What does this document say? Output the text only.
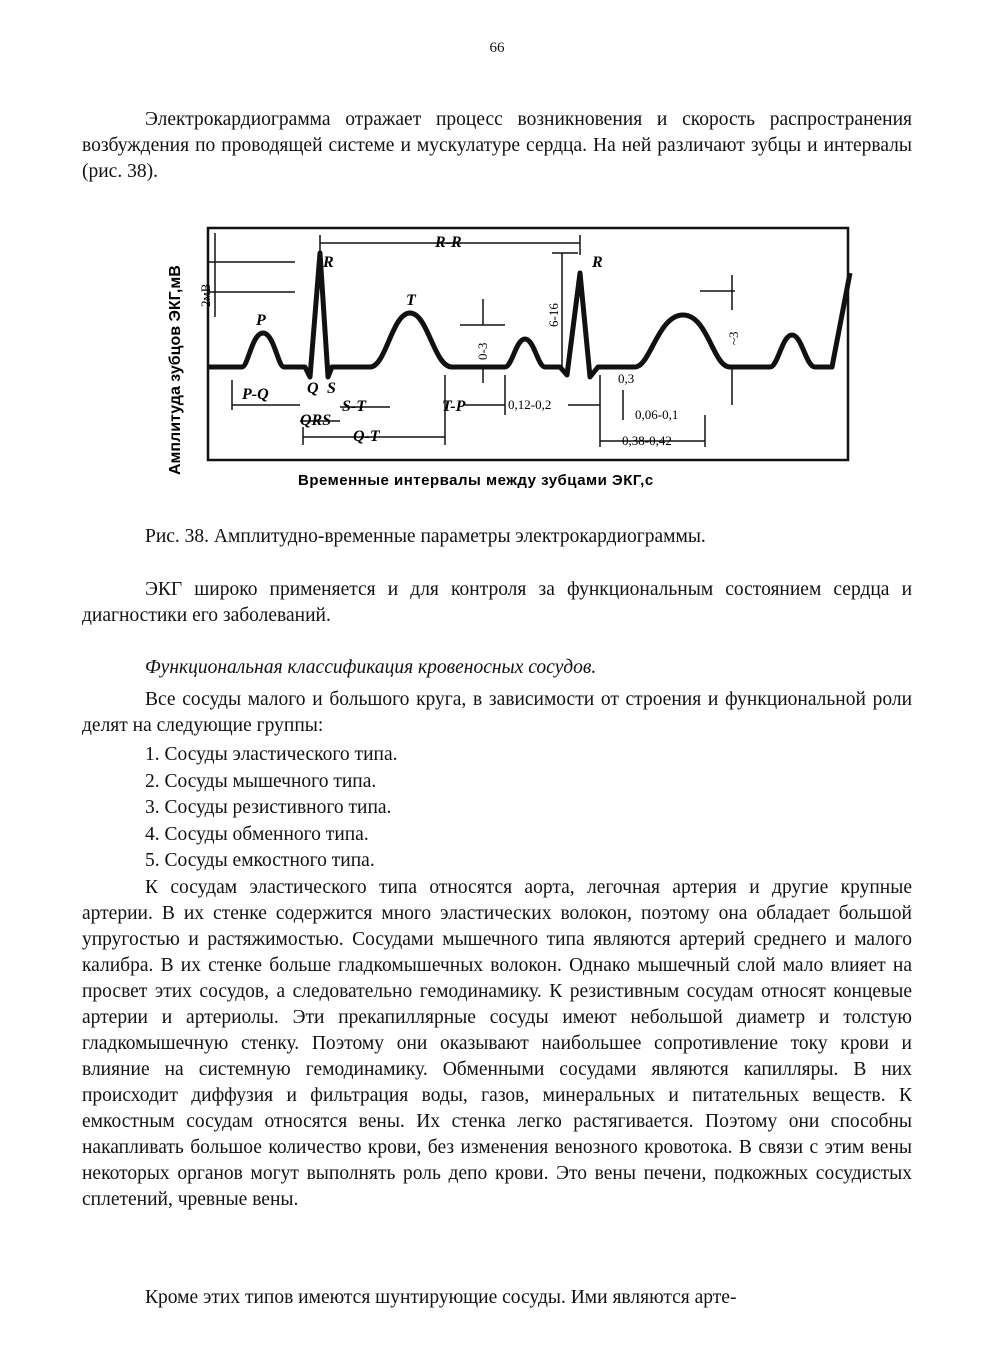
66

Электрокардиограмма отражает процесс возникновения и скорость распространения возбуждения по проводящей системе и мускулатуре сердца. На ней различают зубцы и интервалы (рис. 38).

Амплитуда зубцов ЭКГ,мВ 2мВ
R-R
R	R
P
T
6-16
0-3
~3
Q S
P-Q
S-T
QRS
Q-T
T-P	0,12-0,2
0,3
0,06-0,1
0,38-0,42
Временные интервалы между зубцами ЭКГ,с
Рис. 38. Амплитудно-временные параметры электрокардиограммы.

ЭКГ широко применяется и для контроля за функциональным состоянием сердца и диагностики его заболеваний.

Функциональная классификация кровеносных сосудов.

Все сосуды малого и большого круга, в зависимости от строения и функциональной роли делят на следующие группы:

1. Сосуды эластического типа.
2. Сосуды мышечного типа.
3. Сосуды резистивного типа.
4. Сосуды обменного типа.
5. Сосуды емкостного типа.

К сосудам эластического типа относятся аорта, легочная артерия и другие крупные артерии. В их стенке содержится много эластических волокон, поэтому она обладает большой упругостью и растяжимостью. Сосудами мышечного типа являются артерий среднего и малого калибра. В их стенке больше гладкомышечных волокон. Однако мышечный слой мало влияет на просвет этих сосудов, а следовательно гемодинамику. К резистивным сосудам относят концевые артерии и артериолы. Эти прекапиллярные сосуды имеют небольшой диаметр и толстую гладкомышечную стенку. Поэтому они оказывают наибольшее сопротивление току крови и влияние на системную гемодинамику. Обменными сосудами являются капилляры. В них происходит диффузия и фильтрация воды, газов, минеральных и питательных веществ. К емкостным сосудам относятся вены. Их стенка легко растягивается. Поэтому они способны накапливать большое количество крови, без изменения венозного кровотока. В связи с этим вены некоторых органов могут выполнять роль депо крови. Это вены печени, подкожных сосудистых сплетений, чревные вены.

Кроме этих типов имеются шунтирующие сосуды. Ими являются арте-
